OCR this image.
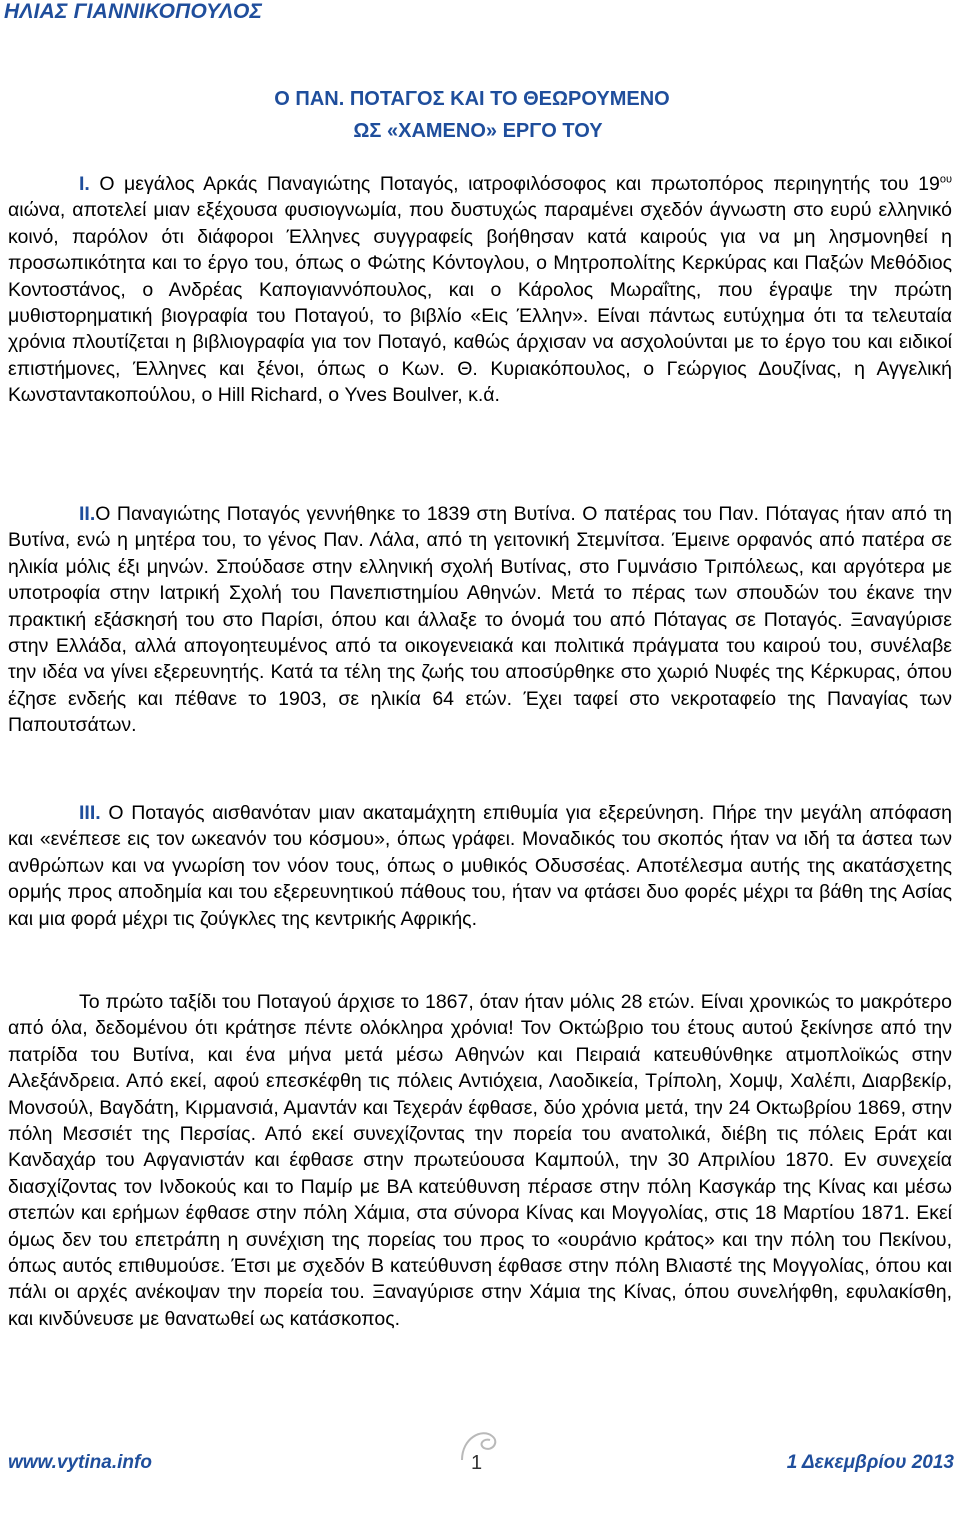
ΗΛΙΑΣ ΓΙΑΝΝΙΚΟΠΟΥΛΟΣ
Ο ΠΑΝ. ΠΟΤΑΓΟΣ ΚΑΙ ΤΟ ΘΕΩΡΟΥΜΕΝΟ
ΩΣ «ΧΑΜΕΝΟ» ΕΡΓΟ ΤΟΥ

I. Ο μεγάλος Αρκάς Παναγιώτης Ποταγός, ιατροφιλόσοφος και πρωτοπόρος περιηγητής του $19^{o\upsilon}$ αιώνα, αποτελεί μιαν εξέχουσα φυσιογνωμία, που δυστυχώς παραμένει σχεδόν άγνωστη στο ευρύ ελληνικό κοινό, παρόλον ότι διάφοροι Έλληνες συγγραφείς βοήθησαν κατά καιρούς για να μη λησμονηθεί η προσωπικότητα και το έργο του, όπως ο Φώτης Κόντογλου, ο Μητροπολίτης Κερκύρας και Παξών Μεθόδιος Κοντοστάνος, ο Ανδρέας Καπογιαννόπουλος, και ο Κάρολος Μωραΐτης, που έγραψε την πρώτη μυθιστορηματική βιογραφία του Ποταγού, το βιβλίο «Εις Έλλην». Είναι πάντως ευτύχημα ότι τα τελευταία χρόνια πλουτίζεται η βιβλιογραφία για τον Ποταγό, καθώς άρχισαν να ασχολούνται με το έργο του και ειδικοί επιστήμονες, Έλληνες και ξένοι, όπως ο Κων. Θ. Κυριακόπουλος, ο Γεώργιος Δουζίνας, η Αγγελική Κωνσταντακοπούλου, ο Hill Richard, ο Yves Boulver, κ.ά.

II.Ο Παναγιώτης Ποταγός γεννήθηκε το 1839 στη Βυτίνα. Ο πατέρας του Παν. Πόταγας ήταν από τη Βυτίνα, ενώ η μητέρα του, το γένος Παν. Λάλα, από τη γειτονική Στεμνίτσα. Έμεινε ορφανός από πατέρα σε ηλικία μόλις έξι μηνών. Σπούδασε στην ελληνική σχολή Βυτίνας, στο Γυμνάσιο Τριπόλεως, και αργότερα με υποτροφία στην Ιατρική Σχολή του Πανεπιστημίου Αθηνών. Μετά το πέρας των σπουδών του έκανε την πρακτική εξάσκησή του στο Παρίσι, όπου και άλλαξε το όνομά του από Πόταγας σε Ποταγός. Ξαναγύρισε στην Ελλάδα, αλλά απογοητευμένος από τα οικογενειακά και πολιτικά πράγματα του καιρού του, συνέλαβε την ιδέα να γίνει εξερευνητής. Κατά τα τέλη της ζωής του αποσύρθηκε στο χωριό Νυφές της Κέρκυρας, όπου έζησε ενδεής και πέθανε το 1903, σε ηλικία 64 ετών. Έχει ταφεί στο νεκροταφείο της Παναγίας των Παπουτσάτων.

III. Ο Ποταγός αισθανόταν μιαν ακαταμάχητη επιθυμία για εξερεύνηση. Πήρε την μεγάλη απόφαση και «ενέπεσε εις τον ωκεανόν του κόσμου», όπως γράφει. Μοναδικός του σκοπός ήταν να ιδή τα άστεα των ανθρώπων και να γνωρίση τον νόον τους, όπως ο μυθικός Οδυσσέας. Αποτέλεσμα αυτής της ακατάσχετης ορμής προς αποδημία και του εξερευνητικού πάθους του, ήταν να φτάσει δυο φορές μέχρι τα βάθη της Ασίας και μια φορά μέχρι τις ζούγκλες της κεντρικής Αφρικής.

Το πρώτο ταξίδι του Ποταγού άρχισε το 1867, όταν ήταν μόλις 28 ετών. Είναι χρονικώς το μακρότερο από όλα, δεδομένου ότι κράτησε πέντε ολόκληρα χρόνια! Τον Οκτώβριο του έτους αυτού ξεκίνησε από την πατρίδα του Βυτίνα, και ένα μήνα μετά μέσω Αθηνών και Πειραιά κατευθύνθηκε ατμοπλοϊκώς στην Αλεξάνδρεια. Από εκεί, αφού επεσκέφθη τις πόλεις Αντιόχεια, Λαοδικεία, Τρίπολη, Χομψ, Χαλέπι, Διαρβεκίρ, Μονσούλ, Βαγδάτη, Κιρμανσιά, Αμαντάν και Τεχεράν έφθασε, δύο χρόνια μετά, την 24 Οκτωβρίου 1869, στην πόλη Μεσσιέτ της Περσίας. Από εκεί συνεχίζοντας την πορεία του ανατολικά, διέβη τις πόλεις Εράτ και Κανδαχάρ του Αφγανιστάν και έφθασε στην πρωτεύουσα Καμπούλ, την 30 Απριλίου 1870. Εν συνεχεία διασχίζοντας τον Ινδοκούς και το Παμίρ με ΒΑ κατεύθυνση πέρασε στην πόλη Κασγκάρ της Κίνας και μέσω στεπών και ερήμων έφθασε στην πόλη Χάμια, στα σύνορα Κίνας και Μογγολίας, στις 18 Μαρτίου 1871. Εκεί όμως δεν του επετράπη η συνέχιση της πορείας του προς το «ουράνιο κράτος» και την πόλη του Πεκίνου, όπως αυτός επιθυμούσε. Έτσι με σχεδόν Β κατεύθυνση έφθασε στην πόλη Βλιαστέ της Μογγολίας, όπου και πάλι οι αρχές ανέκοψαν την πορεία του. Ξαναγύρισε στην Χάμια της Κίνας, όπου συνελήφθη, εφυλακίσθη, και κινδύνευσε με θανατωθεί ως κατάσκοπος.

www.vytina.info	1	1 Δεκεμβρίου 2013
